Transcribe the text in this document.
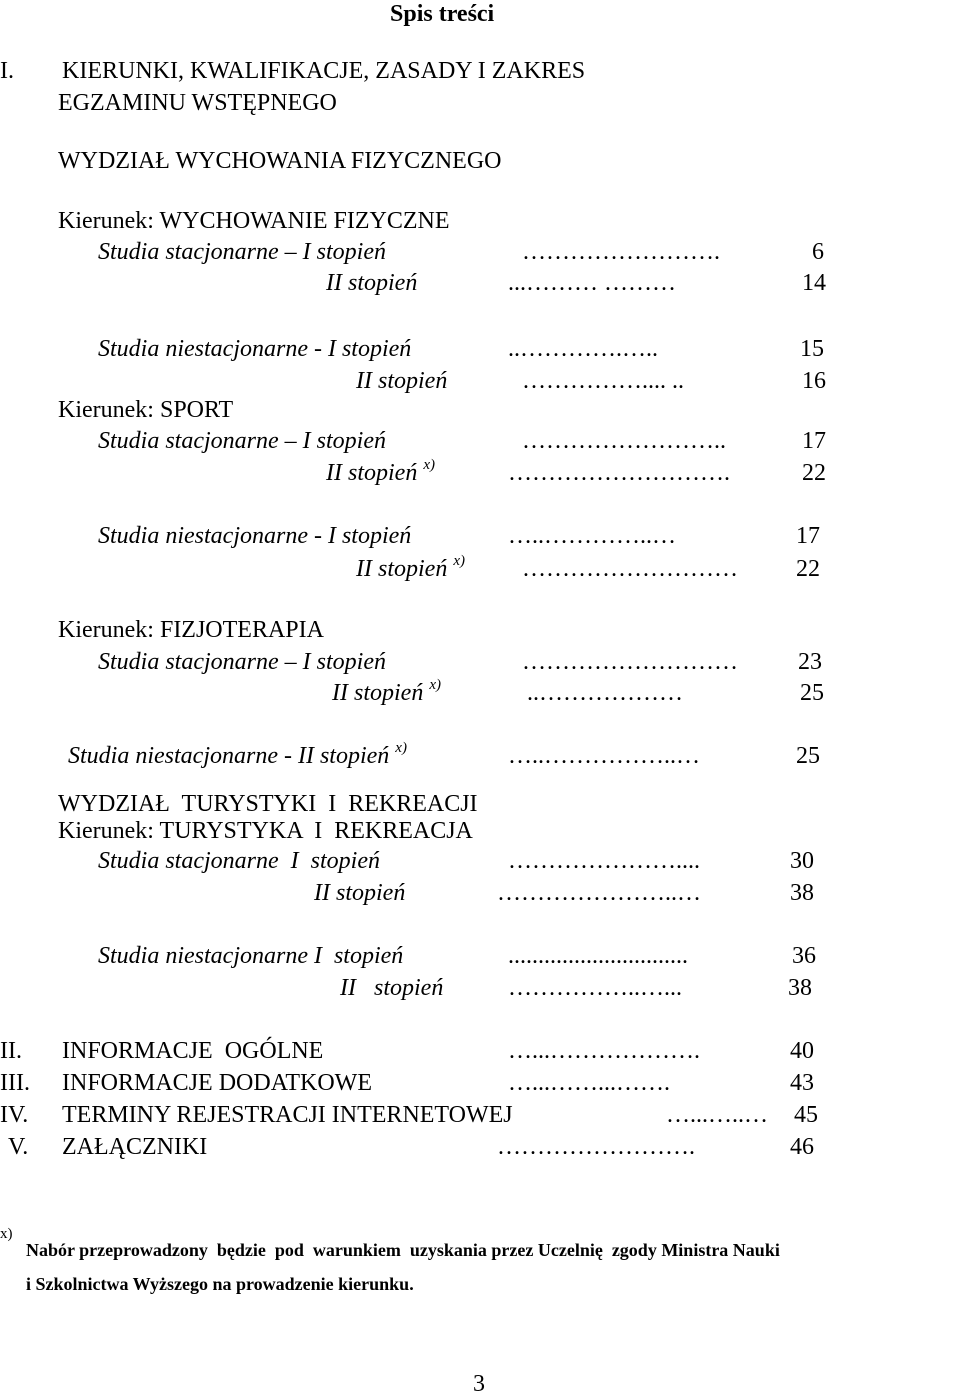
Spis treści
I. KIERUNKI, KWALIFIKACJE, ZASADY I ZAKRES
EGZAMINU WSTĘPNEGO
WYDZIAŁ WYCHOWANIA FIZYCZNEGO
Kierunek: WYCHOWANIE FIZYCZNE
Studia stacjonarne – I stopień	…………………….	6
II stopień	...……… ………	14
Studia niestacjonarne - I stopień	..………….…..	15
II stopień	…………….... ..	16
Kierunek: SPORT
Studia stacjonarne – I stopień	……………………..	17
II stopień $^{x)}$	……………………….	22
Studia niestacjonarne - I stopień	…..…………..…	17
II stopień $^{x)}$ ……………………… 22
Kierunek: FIZJOTERAPIA
Studia stacjonarne – I stopień	………………………	23
II stopień $^{x)}$	..………………	25
Studia niestacjonarne - II stopień $^{x)}$	…..……………..…	25
WYDZIAŁ  TURYSTYKI  I  REKREACJI
Kierunek: TURYSTYKA  I  REKREACJA
Studia stacjonarne  I  stopień	…………………....	30
II stopień	…………………..…	38
Studia niestacjonarne I  stopień	..............................	36
II   stopień	……………..…...	38
II. INFORMACJE  OGÓLNE	…...……………….	40
III. INFORMACJE DODATKOWE	…...……...…….	43
IV. TERMINY REJESTRACJI INTERNETOWEJ	…...…..… 45
V. ZAŁĄCZNIKI	…………………….	46
x)
Nabór przeprowadzony  będzie  pod  warunkiem  uzyskania przez Uczelnię  zgody Ministra Nauki
i Szkolnictwa Wyższego na prowadzenie kierunku.
3
